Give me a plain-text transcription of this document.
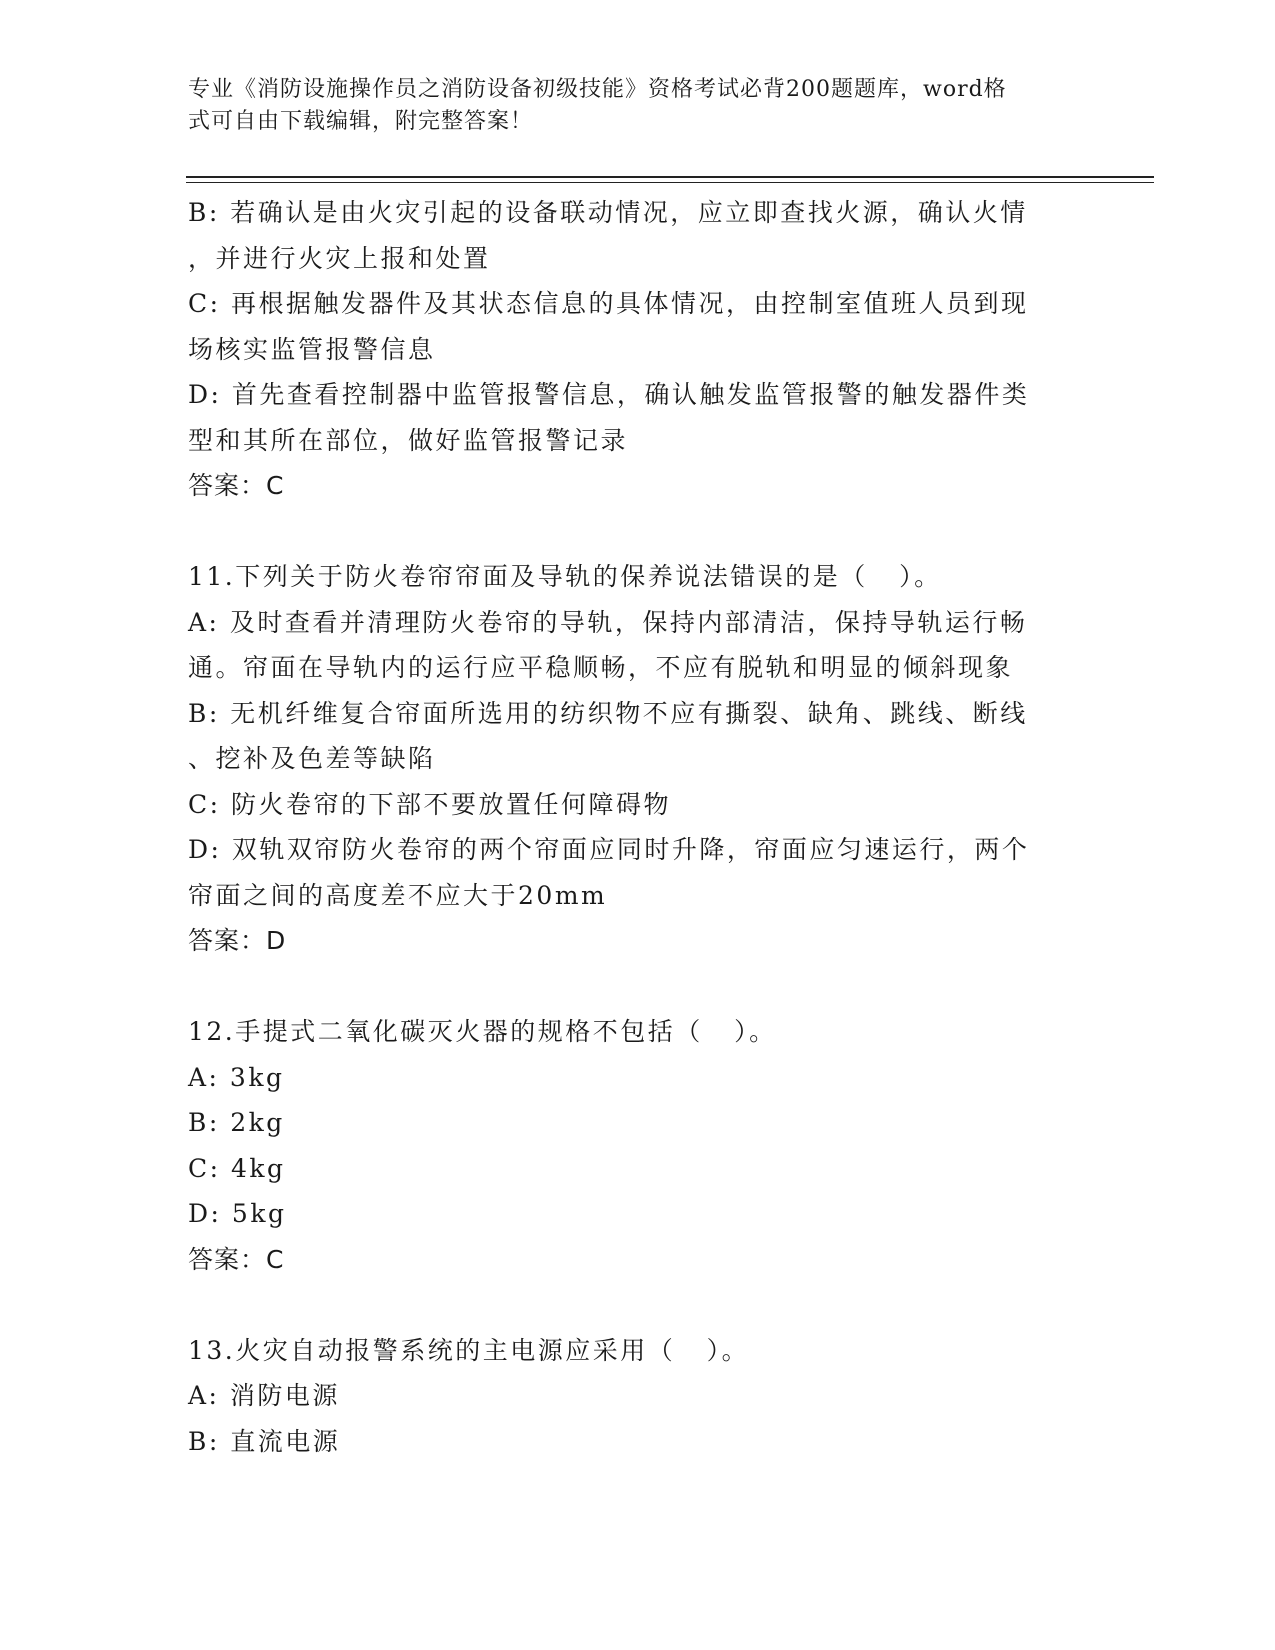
专业《消防设施操作员之消防设备初级技能》资格考试必背200题题库，word格
式可自由下载编辑，附完整答案！

B: 若确认是由火灾引起的设备联动情况，应立即查找火源，确认火情

，并进行火灾上报和处置

C: 再根据触发器件及其状态信息的具体情况，由控制室值班人员到现

场核实监管报警信息

D: 首先查看控制器中监管报警信息，确认触发监管报警的触发器件类

型和其所在部位，做好监管报警记录

答案：C

11.下列关于防火卷帘帘面及导轨的保养说法错误的是（   ）。

A: 及时查看并清理防火卷帘的导轨，保持内部清洁，保持导轨运行畅

通。帘面在导轨内的运行应平稳顺畅，不应有脱轨和明显的倾斜现象

B: 无机纤维复合帘面所选用的纺织物不应有撕裂、缺角、跳线、断线

、挖补及色差等缺陷

C: 防火卷帘的下部不要放置任何障碍物

D: 双轨双帘防火卷帘的两个帘面应同时升降，帘面应匀速运行，两个

帘面之间的高度差不应大于20mm

答案：D

12.手提式二氧化碳灭火器的规格不包括（   ）。

A: 3kg

B: 2kg

C: 4kg

D: 5kg

答案：C

13.火灾自动报警系统的主电源应采用（   ）。

A: 消防电源

B: 直流电源
